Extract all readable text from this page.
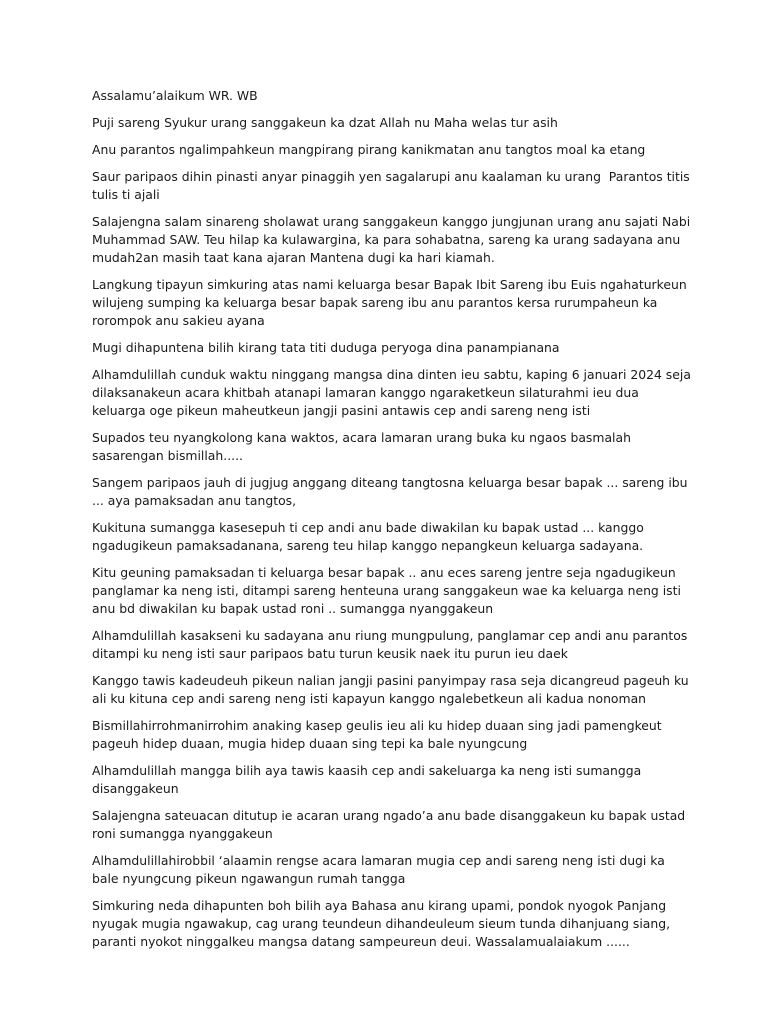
Assalamu’alaikum WR. WB

Puji sareng Syukur urang sanggakeun ka dzat Allah nu Maha welas tur asih

Anu parantos ngalimpahkeun mangpirang pirang kanikmatan anu tangtos moal ka etang

Saur paripaos dihin pinasti anyar pinaggih yen sagalarupi anu kaalaman ku urang  Parantos titis tulis ti ajali

Salajengna salam sinareng sholawat urang sanggakeun kanggo jungjunan urang anu sajati Nabi Muhammad SAW. Teu hilap ka kulawargina, ka para sohabatna, sareng ka urang sadayana anu mudah2an masih taat kana ajaran Mantena dugi ka hari kiamah.

Langkung tipayun simkuring atas nami keluarga besar Bapak Ibit Sareng ibu Euis ngahaturkeun wilujeng sumping ka keluarga besar bapak sareng ibu anu parantos kersa rurumpaheun ka rorompok anu sakieu ayana

Mugi dihapuntena bilih kirang tata titi duduga peryoga dina panampianana

Alhamdulillah cunduk waktu ninggang mangsa dina dinten ieu sabtu, kaping 6 januari 2024 seja dilaksanakeun acara khitbah atanapi lamaran kanggo ngaraketkeun silaturahmi ieu dua keluarga oge pikeun maheutkeun jangji pasini antawis cep andi sareng neng isti

Supados teu nyangkolong kana waktos, acara lamaran urang buka ku ngaos basmalah sasarengan bismillah.....

Sangem paripaos jauh di jugjug anggang diteang tangtosna keluarga besar bapak ... sareng ibu ... aya pamaksadan anu tangtos,

Kukituna sumangga kasesepuh ti cep andi anu bade diwakilan ku bapak ustad ... kanggo ngadugikeun pamaksadanana, sareng teu hilap kanggo nepangkeun keluarga sadayana.

Kitu geuning pamaksadan ti keluarga besar bapak .. anu eces sareng jentre seja ngadugikeun panglamar ka neng isti, ditampi sareng henteuna urang sanggakeun wae ka keluarga neng isti anu bd diwakilan ku bapak ustad roni .. sumangga nyanggakeun

Alhamdulillah kasakseni ku sadayana anu riung mungpulung, panglamar cep andi anu parantos ditampi ku neng isti saur paripaos batu turun keusik naek itu purun ieu daek

Kanggo tawis kadeudeuh pikeun nalian jangji pasini panyimpay rasa seja dicangreud pageuh ku ali ku kituna cep andi sareng neng isti kapayun kanggo ngalebetkeun ali kadua nonoman

Bismillahirrohmanirrohim anaking kasep geulis ieu ali ku hidep duaan sing jadi pamengkeut pageuh hidep duaan, mugia hidep duaan sing tepi ka bale nyungcung

Alhamdulillah mangga bilih aya tawis kaasih cep andi sakeluarga ka neng isti sumangga disanggakeun

Salajengna sateuacan ditutup ie acaran urang ngado’a anu bade disanggakeun ku bapak ustad roni sumangga nyanggakeun

Alhamdulillahirobbil ‘alaamin rengse acara lamaran mugia cep andi sareng neng isti dugi ka bale nyungcung pikeun ngawangun rumah tangga

Simkuring neda dihapunten boh bilih aya Bahasa anu kirang upami, pondok nyogok Panjang nyugak mugia ngawakup, cag urang teundeun dihandeuleum sieum tunda dihanjuang siang, paranti nyokot ninggalkeu mangsa datang sampeureun deui. Wassalamualaiakum ......
